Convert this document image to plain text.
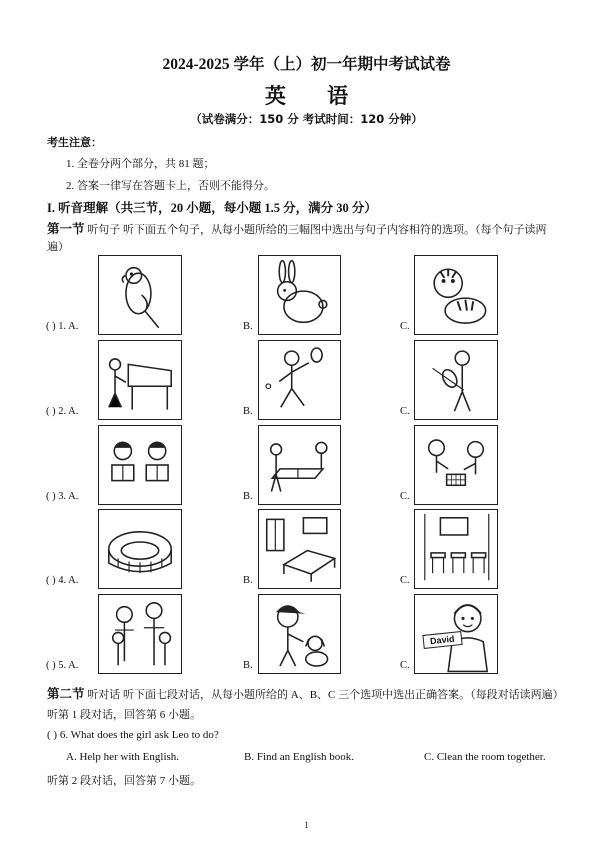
2024-2025 学年（上）初一年期中考试试卷
英 语
（试卷满分：150 分 考试时间：120 分钟）
考生注意：
1. 全卷分两个部分，共 81 题；
2. 答案一律写在答题卡上，否则不能得分。
I. 听音理解（共三节，20 小题，每小题 1.5 分，满分 30 分）
第一节 听句子 听下面五个句子，从每小题所给的三幅图中选出与句子内容相符的选项。（每个句子读两
遍）
( ) 1. A.	B.	C.
( ) 2. A.	B.	C.
( ) 3. A.	B.	C.
( ) 4. A.	B.	C.
( ) 5. A.	B.	C.
David
第二节 听对话 听下面七段对话，从每小题所给的 A、B、C 三个选项中选出正确答案。（每段对话读两遍）
听第 1 段对话，回答第 6 小题。
( ) 6. What does the girl ask Leo to do?
A. Help her with English.	B. Find an English book.	C. Clean the room together.
听第 2 段对话，回答第 7 小题。
1
